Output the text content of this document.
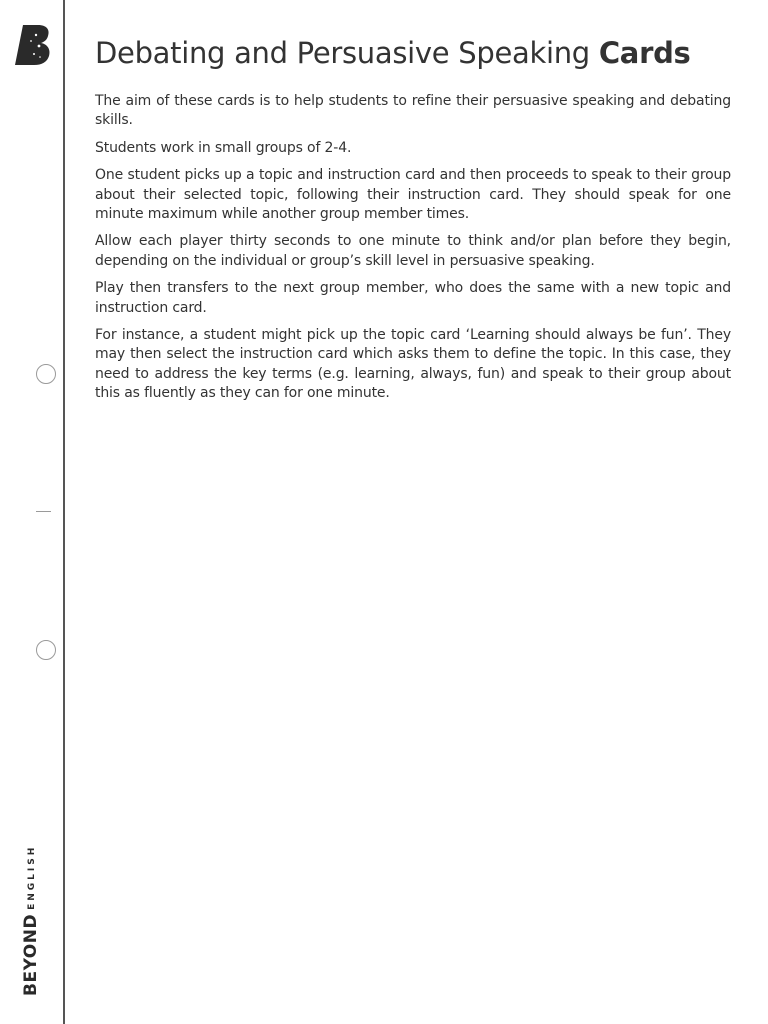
BEYONDENGLISH
Debating and Persuasive Speaking Cards

The aim of these cards is to help students to refine their persuasive speaking and debating skills.

Students work in small groups of 2-4.

One student picks up a topic and instruction card and then proceeds to speak to their group about their selected topic, following their instruction card. They should speak for one minute maximum while another group member times.

Allow each player thirty seconds to one minute to think and/or plan before they begin, depending on the individual or group’s skill level in persuasive speaking.

Play then transfers to the next group member, who does the same with a new topic and instruction card.

For instance, a student might pick up the topic card ‘Learning should always be fun’. They may then select the instruction card which asks them to define the topic. In this case, they need to address the key terms (e.g. learning, always, fun) and speak to their group about this as fluently as they can for one minute.
